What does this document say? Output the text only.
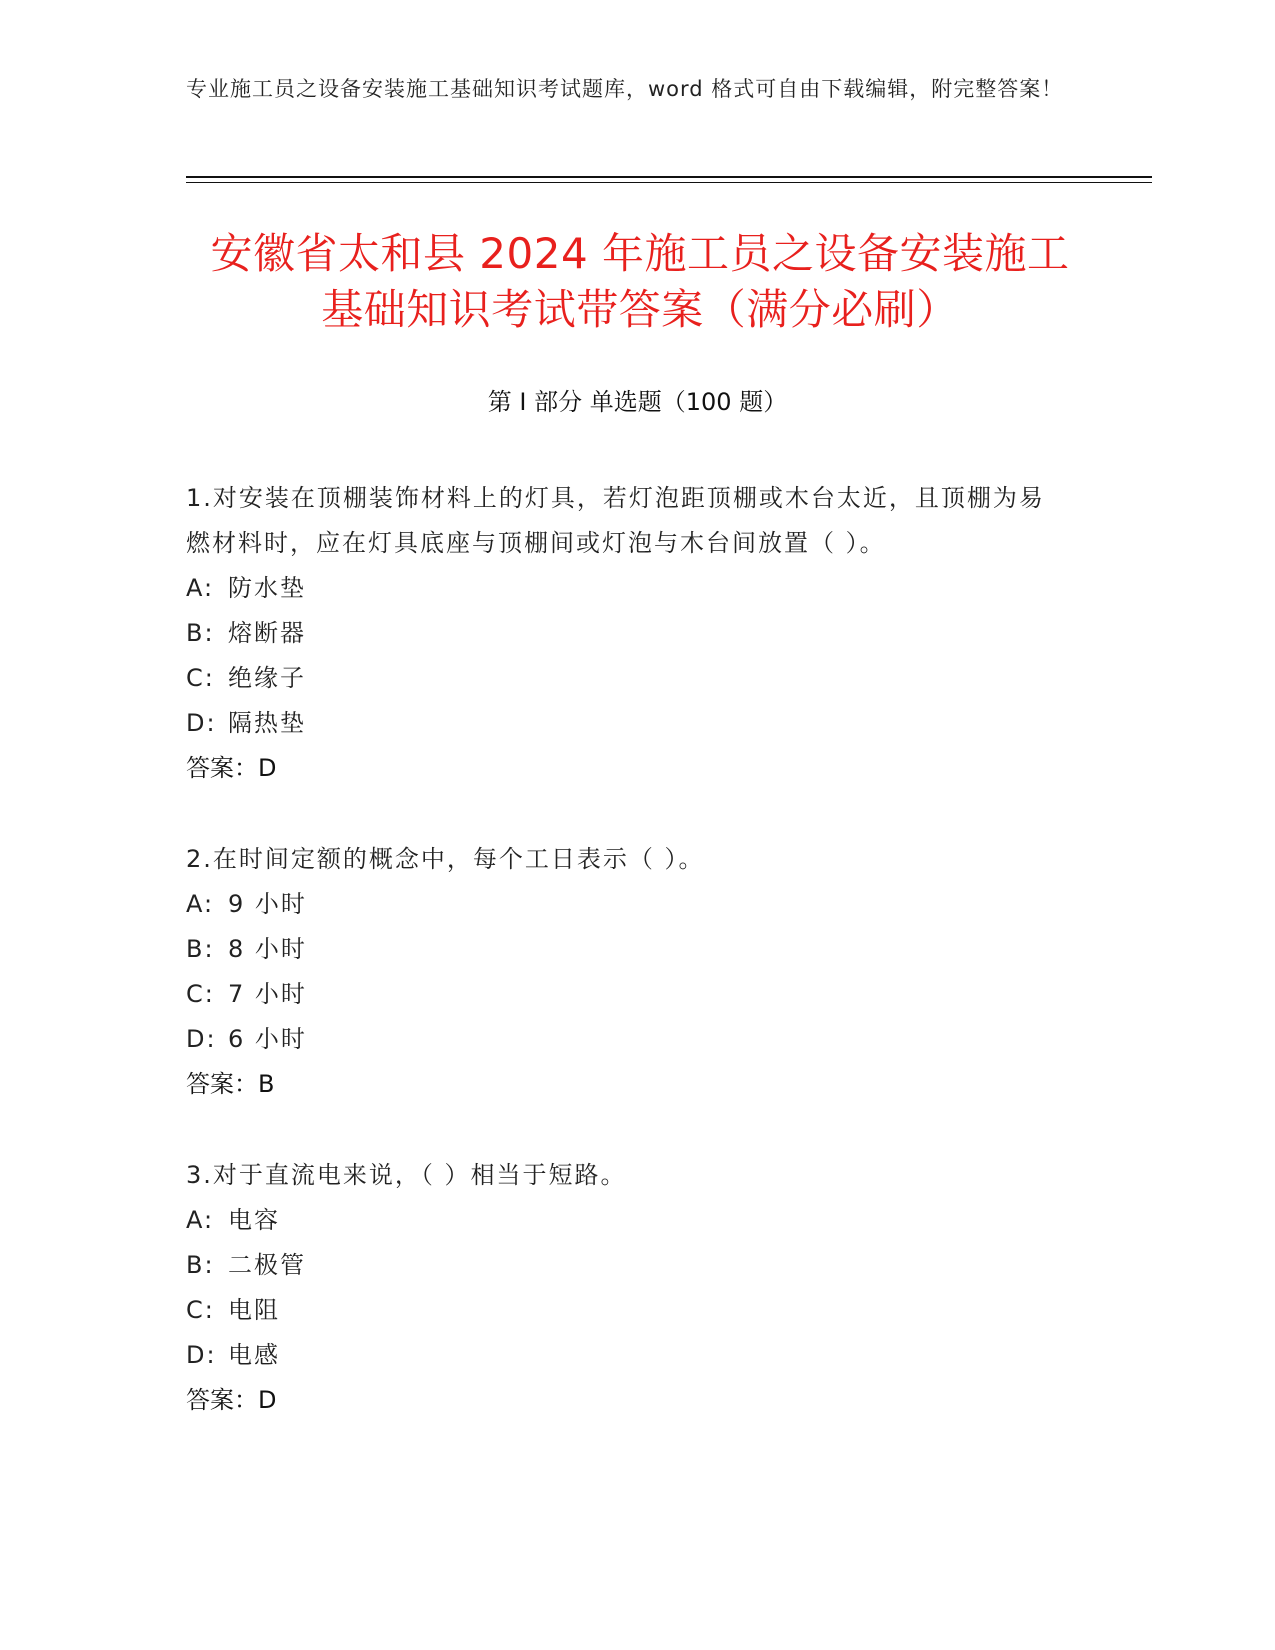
专业施工员之设备安装施工基础知识考试题库，word 格式可自由下载编辑，附完整答案！
安徽省太和县 2024 年施工员之设备安装施工
基础知识考试带答案（满分必刷）
第 I 部分 单选题（100 题）

1.对安装在顶棚装饰材料上的灯具，若灯泡距顶棚或木台太近，且顶棚为易燃材料时，应在灯具底座与顶棚间或灯泡与木台间放置（ ）。

A: 防水垫

B: 熔断器

C: 绝缘子

D: 隔热垫

答案：D

2.在时间定额的概念中，每个工日表示（ ）。

A: 9 小时

B: 8 小时

C: 7 小时

D: 6 小时

答案：B

3.对于直流电来说，（ ）相当于短路。

A: 电容

B: 二极管

C: 电阻

D: 电感

答案：D
